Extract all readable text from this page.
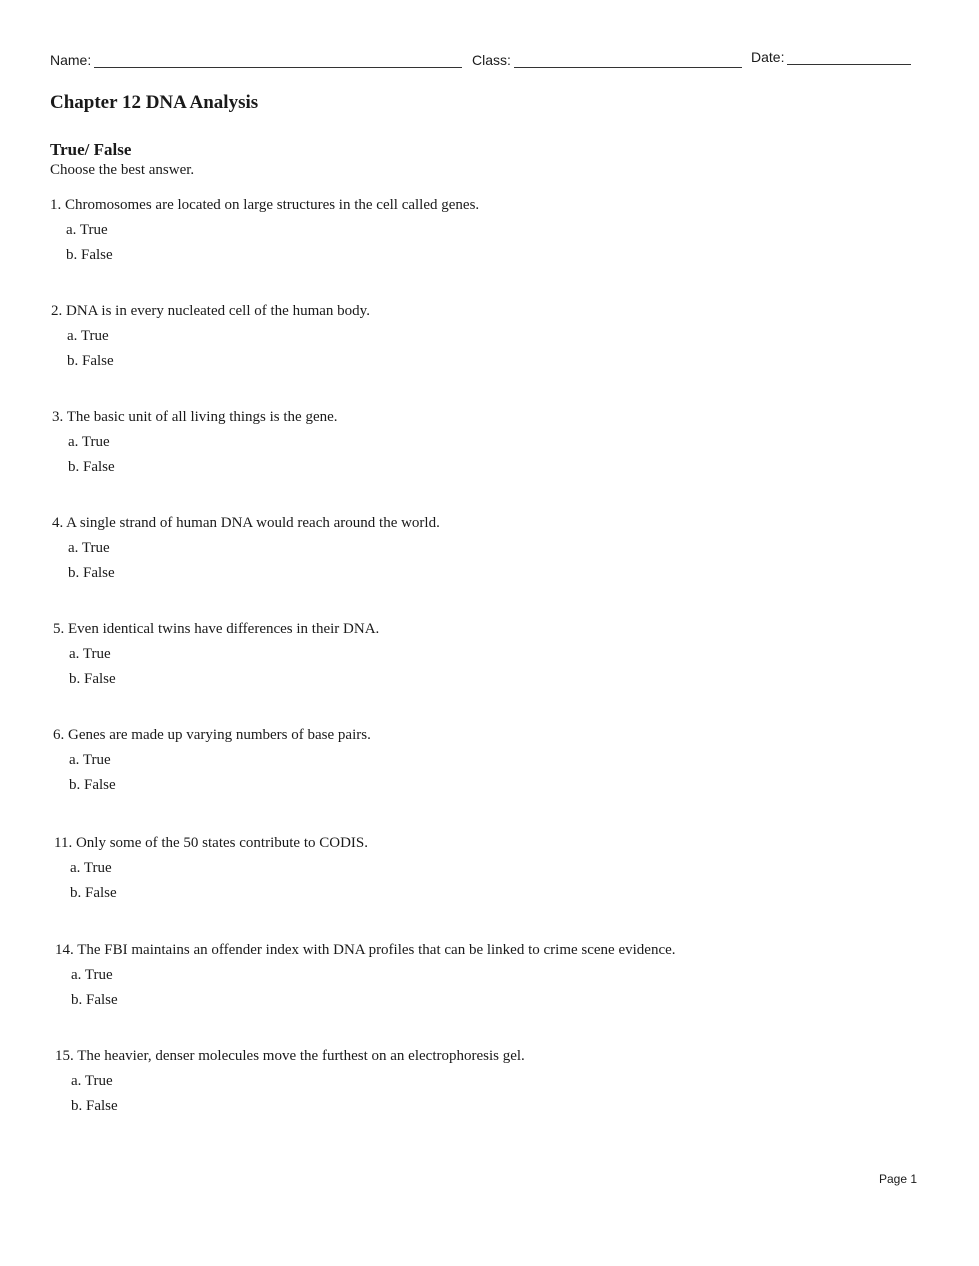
Name:	Class:	Date:
Chapter 12 DNA Analysis
True/ False

Choose the best answer.

1. Chromosomes are located on large structures in the cell called genes.
a. True
b. False
2. DNA is in every nucleated cell of the human body.
a. True
b. False
3. The basic unit of all living things is the gene.
a. True
b. False
4. A single strand of human DNA would reach around the world.
a. True
b. False
5. Even identical twins have differences in their DNA.
a. True
b. False
6. Genes are made up varying numbers of base pairs.
a. True
b. False
11. Only some of the 50 states contribute to CODIS.
a. True
b. False
14. The FBI maintains an offender index with DNA profiles that can be linked to crime scene evidence.
a. True
b. False
15. The heavier, denser molecules move the furthest on an electrophoresis gel.
a. True
b. False
Page 1
